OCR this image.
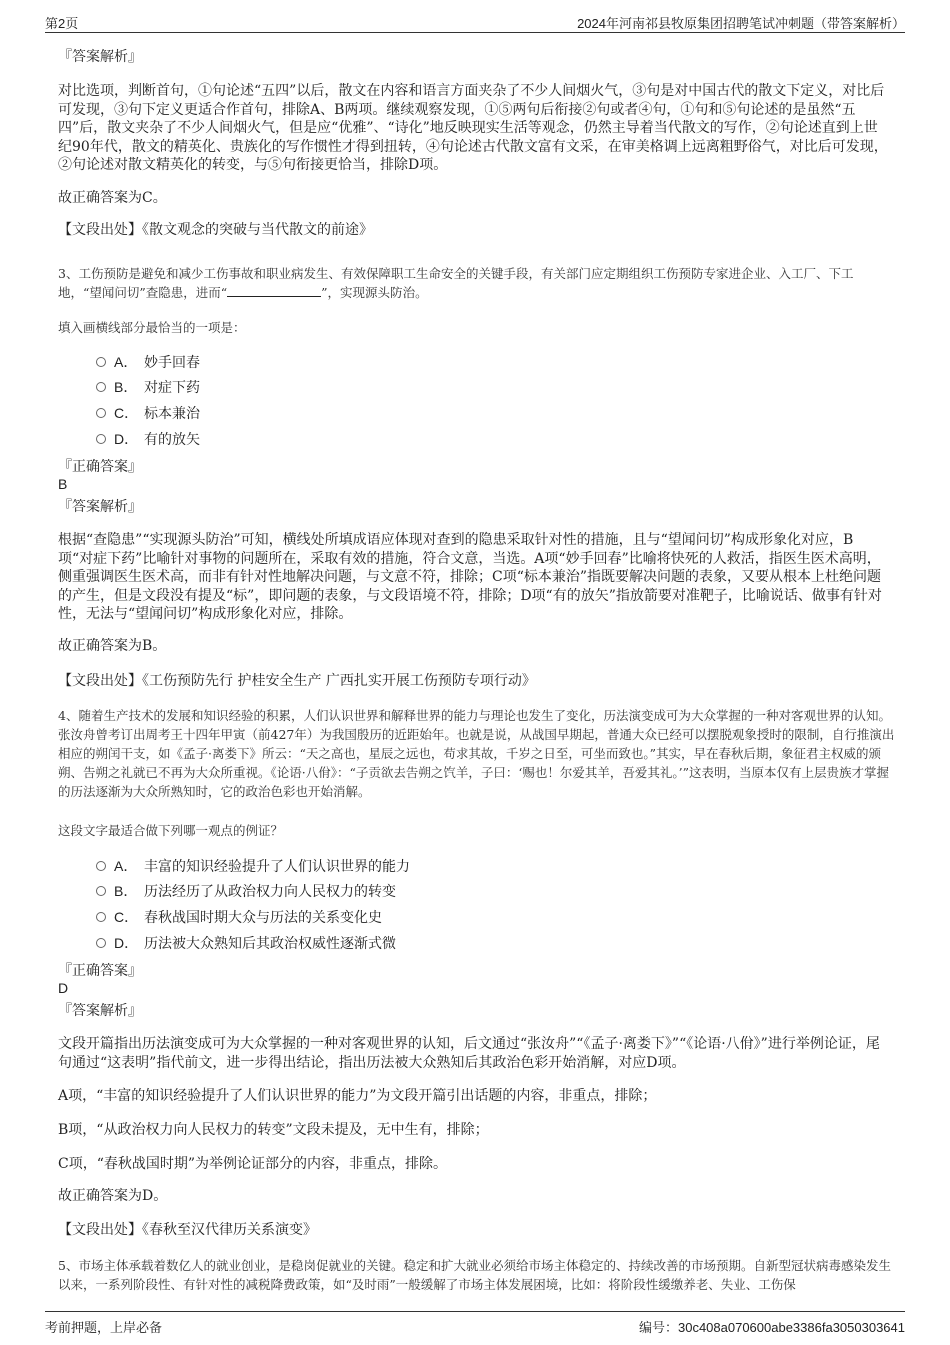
第2页	2024年河南祁县牧原集团招聘笔试冲刺题（带答案解析）
『答案解析』
对比选项，判断首句，①句论述“五四”以后，散文在内容和语言方面夹杂了不少人间烟火气，③句是对中国古代的散文下定义，对比后可发现，③句下定义更适合作首句，排除A、B两项。继续观察发现，①⑤两句后衔接②句或者④句，①句和⑤句论述的是虽然“五四”后，散文夹杂了不少人间烟火气，但是应“优雅”、“诗化”地反映现实生活等观念，仍然主导着当代散文的写作，②句论述直到上世纪90年代，散文的精英化、贵族化的写作惯性才得到扭转，④句论述古代散文富有文采，在审美格调上远离粗野俗气，对比后可发现，②句论述对散文精英化的转变，与⑤句衔接更恰当，排除D项。
故正确答案为C。
【文段出处】《散文观念的突破与当代散文的前途》
3、工伤预防是避免和减少工伤事故和职业病发生、有效保障职工生命安全的关键手段，有关部门应定期组织工伤预防专家进企业、入工厂、下工地，“望闻问切”查隐患，进而“	”，实现源头防治。
填入画横线部分最恰当的一项是：
A． 妙手回春
B． 对症下药
C． 标本兼治
D． 有的放矢
『正确答案』
B
『答案解析』
根据“查隐患”“实现源头防治”可知，横线处所填成语应体现对查到的隐患采取针对性的措施，且与“望闻问切”构成形象化对应，B项“对症下药”比喻针对事物的问题所在，采取有效的措施，符合文意，当选。A项“妙手回春”比喻将快死的人救活，指医生医术高明，侧重强调医生医术高，而非有针对性地解决问题，与文意不符，排除；C项“标本兼治”指既要解决问题的表象，又要从根本上杜绝问题的产生，但是文段没有提及“标”，即问题的表象，与文段语境不符，排除；D项“有的放矢”指放箭要对准靶子，比喻说话、做事有针对性，无法与“望闻问切”构成形象化对应，排除。
故正确答案为B。
【文段出处】《工伤预防先行 护桂安全生产 广西扎实开展工伤预防专项行动》
4、随着生产技术的发展和知识经验的积累，人们认识世界和解释世界的能力与理论也发生了变化，历法演变成可为大众掌握的一种对客观世界的认知。张汝舟曾考订出周考王十四年甲寅（前427年）为我国殷历的近距始年。也就是说，从战国早期起，普通大众已经可以摆脱观象授时的限制，自行推演出相应的朔闰干支，如《孟子·离娄下》所云：“天之高也，星辰之远也，苟求其故，千岁之日至，可坐而致也。”其实，早在春秋后期，象征君主权威的颁朔、告朔之礼就已不再为大众所重视。《论语·八佾》：“子贡欲去告朔之饩羊，子曰：‘赐也！尔爱其羊，吾爱其礼。’”这表明，当原本仅有上层贵族才掌握的历法逐渐为大众所熟知时，它的政治色彩也开始消解。
这段文字最适合做下列哪一观点的例证？
A． 丰富的知识经验提升了人们认识世界的能力
B． 历法经历了从政治权力向人民权力的转变
C． 春秋战国时期大众与历法的关系变化史
D． 历法被大众熟知后其政治权威性逐渐式微
『正确答案』
D
『答案解析』
文段开篇指出历法演变成可为大众掌握的一种对客观世界的认知，后文通过“张汝舟”“《孟子·离娄下》”“《论语·八佾》”进行举例论证，尾句通过“这表明”指代前文，进一步得出结论，指出历法被大众熟知后其政治色彩开始消解，对应D项。
A项，“丰富的知识经验提升了人们认识世界的能力”为文段开篇引出话题的内容，非重点，排除；
B项，“从政治权力向人民权力的转变”文段未提及，无中生有，排除；
C项，“春秋战国时期”为举例论证部分的内容，非重点，排除。
故正确答案为D。
【文段出处】《春秋至汉代律历关系演变》
5、市场主体承载着数亿人的就业创业，是稳岗促就业的关键。稳定和扩大就业必须给市场主体稳定的、持续改善的市场预期。自新型冠状病毒感染发生以来，一系列阶段性、有针对性的减税降费政策，如“及时雨”一般缓解了市场主体发展困境，比如：将阶段性缓缴养老、失业、工伤保
考前押题，上岸必备	编号：30c408a070600abe3386fa3050303641
